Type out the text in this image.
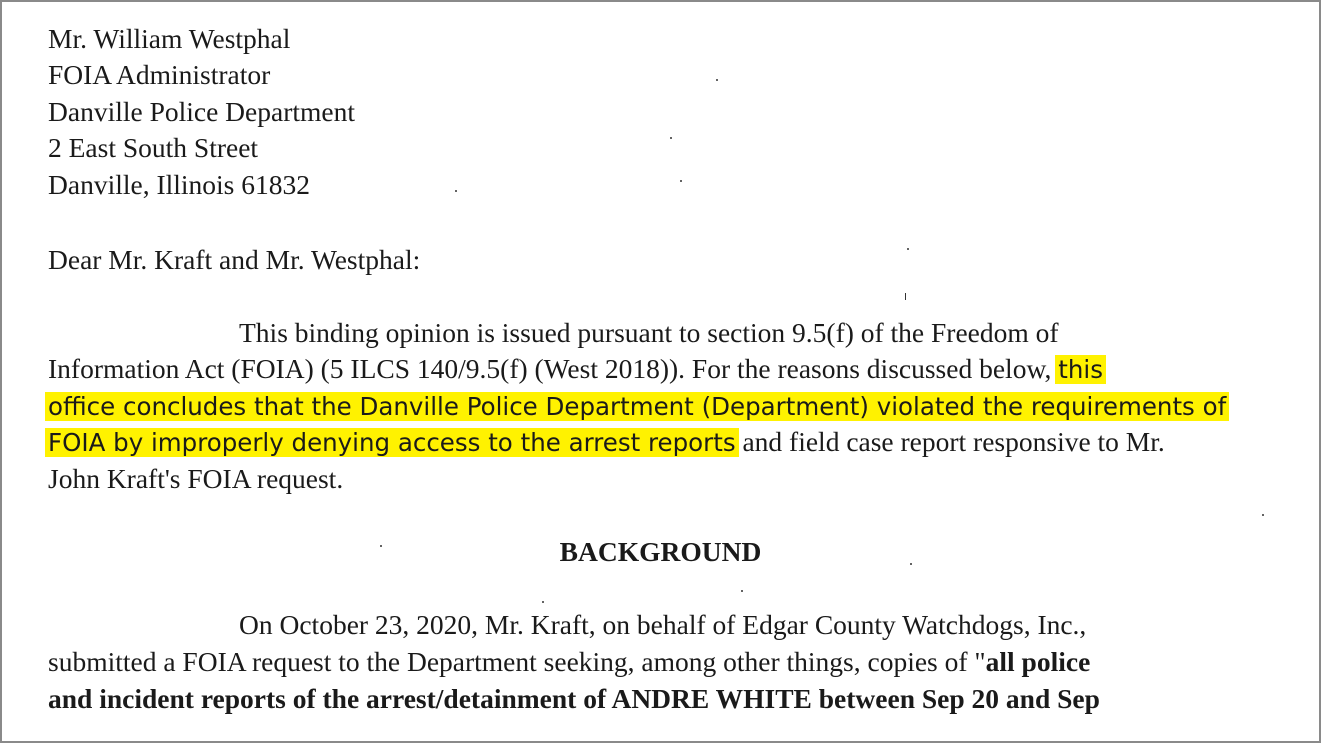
Mr. William Westphal
FOIA Administrator
Danville Police Department
2 East South Street
Danville, Illinois 61832
Dear Mr. Kraft and Mr. Westphal:
This binding opinion is issued pursuant to section 9.5(f) of the Freedom of
Information Act (FOIA) (5 ILCS 140/9.5(f) (West 2018)). For the reasons discussed below, this
office concludes that the Danville Police Department (Department) violated the requirements of
FOIA by improperly denying access to the arrest reports and field case report responsive to Mr.
John Kraft's FOIA request.
BACKGROUND
On October 23, 2020, Mr. Kraft, on behalf of Edgar County Watchdogs, Inc.,
submitted a FOIA request to the Department seeking, among other things, copies of "all police
and incident reports of the arrest/detainment of ANDRE WHITE between Sep 20 and Sep
